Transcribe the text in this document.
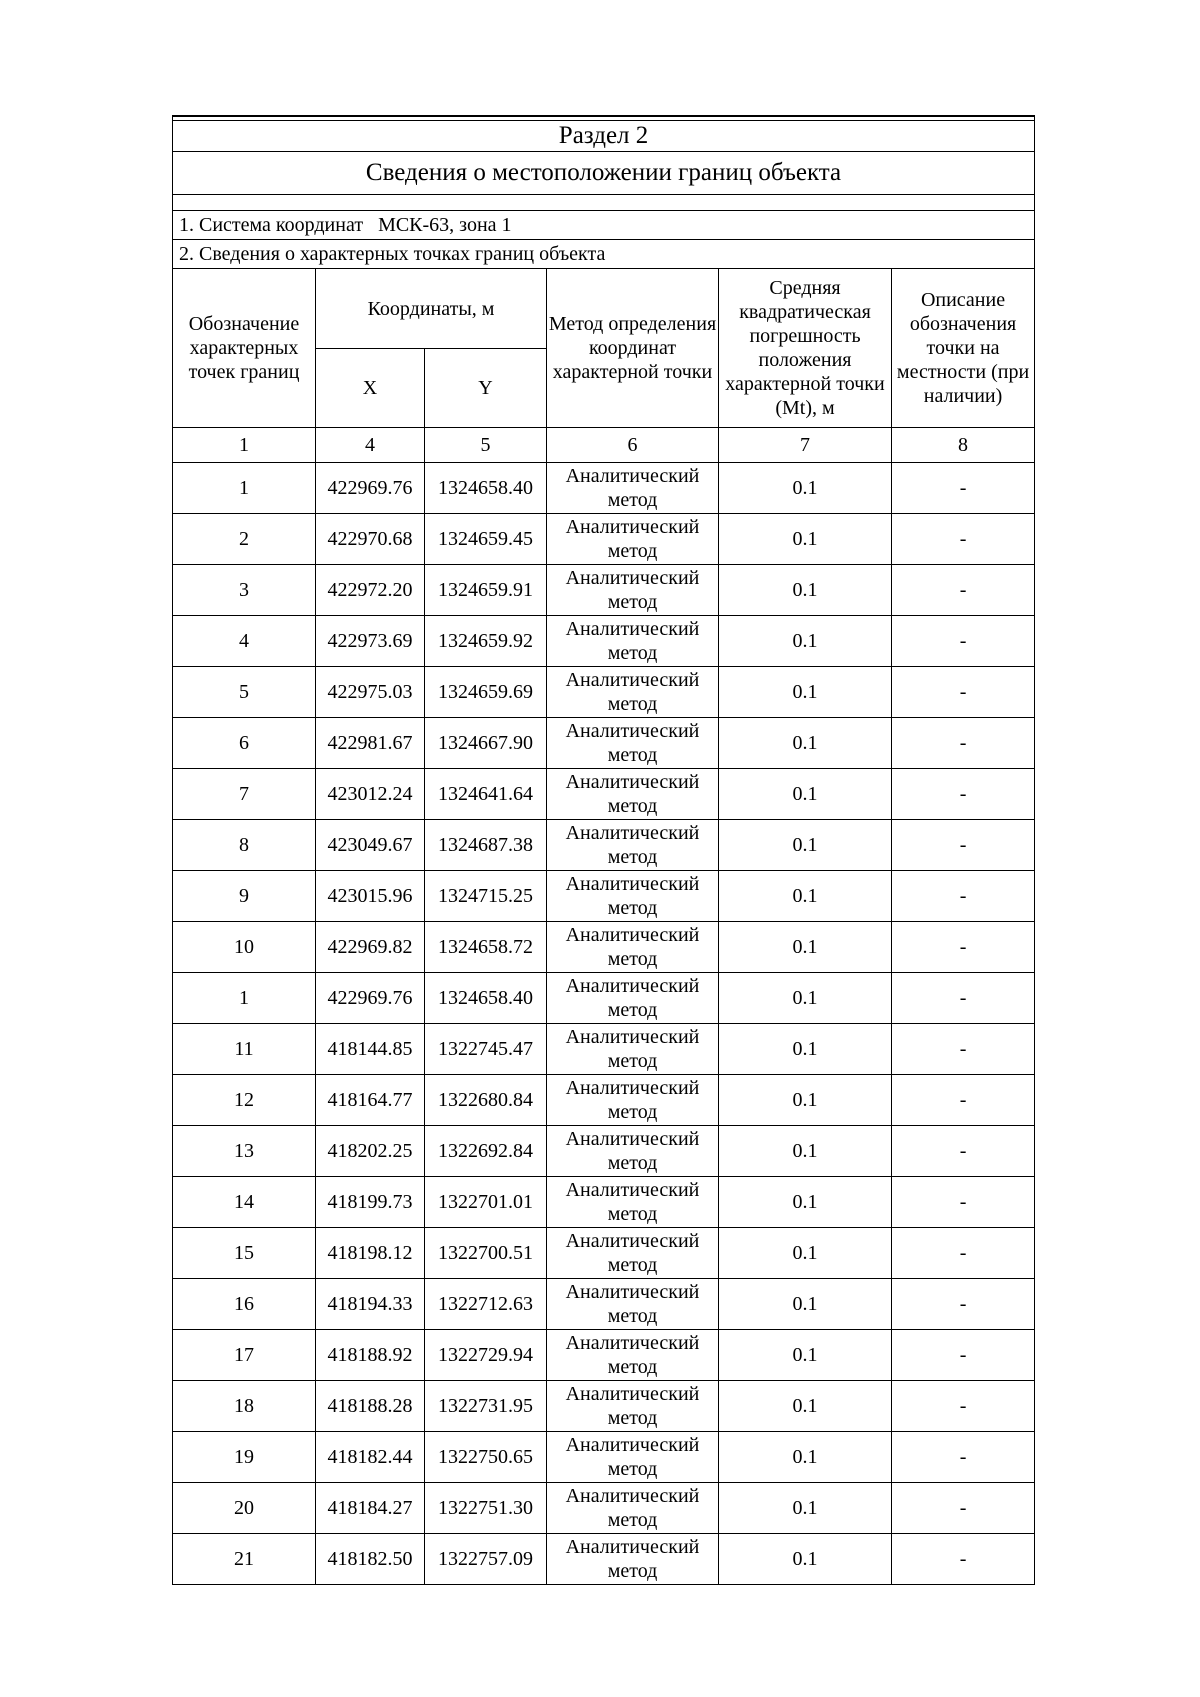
Раздел 2					
Сведения о местоположении границ объекта					

1. Система координат МСК-63, зона 1					
2. Сведения о характерных точках границ объекта					
Обозначение характерных точек границ	Координаты, м		Метод определения координат характерной точки	Средняя квадратическая погрешность положения характерной точки (Mt), м	Описание обозначения точки на местности (при наличии)
	X	Y			
1	4	5	6	7	8
1	422969.76	1324658.40	Аналитический метод	0.1	-
2	422970.68	1324659.45	Аналитический метод	0.1	-
3	422972.20	1324659.91	Аналитический метод	0.1	-
4	422973.69	1324659.92	Аналитический метод	0.1	-
5	422975.03	1324659.69	Аналитический метод	0.1	-
6	422981.67	1324667.90	Аналитический метод	0.1	-
7	423012.24	1324641.64	Аналитический метод	0.1	-
8	423049.67	1324687.38	Аналитический метод	0.1	-
9	423015.96	1324715.25	Аналитический метод	0.1	-
10	422969.82	1324658.72	Аналитический метод	0.1	-
1	422969.76	1324658.40	Аналитический метод	0.1	-
11	418144.85	1322745.47	Аналитический метод	0.1	-
12	418164.77	1322680.84	Аналитический метод	0.1	-
13	418202.25	1322692.84	Аналитический метод	0.1	-
14	418199.73	1322701.01	Аналитический метод	0.1	-
15	418198.12	1322700.51	Аналитический метод	0.1	-
16	418194.33	1322712.63	Аналитический метод	0.1	-
17	418188.92	1322729.94	Аналитический метод	0.1	-
18	418188.28	1322731.95	Аналитический метод	0.1	-
19	418182.44	1322750.65	Аналитический метод	0.1	-
20	418184.27	1322751.30	Аналитический метод	0.1	-
21	418182.50	1322757.09	Аналитический метод	0.1	-
